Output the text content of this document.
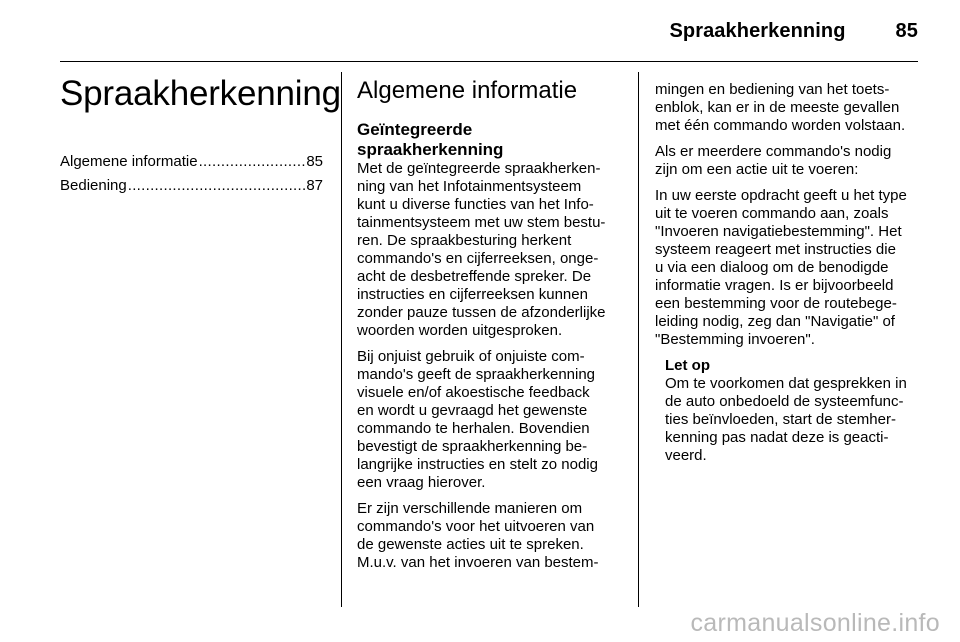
Spraakherkenning	85
Spraakherkenning
Algemene informatie .....	85
Bediening .....	87
Algemene informatie
Geïntegreerde
spraakherkenning

Met de geïntegreerde spraakherken-
ning van het Infotainmentsysteem
kunt u diverse functies van het Info-
tainmentsysteem met uw stem bestu-
ren. De spraakbesturing herkent
commando's en cijferreeksen, onge-
acht de desbetreffende spreker. De
instructies en cijferreeksen kunnen
zonder pauze tussen de afzonderlijke
woorden worden uitgesproken.

Bij onjuist gebruik of onjuiste com-
mando's geeft de spraakherkenning
visuele en/of akoestische feedback
en wordt u gevraagd het gewenste
commando te herhalen. Bovendien
bevestigt de spraakherkenning be-
langrijke instructies en stelt zo nodig
een vraag hierover.

Er zijn verschillende manieren om
commando's voor het uitvoeren van
de gewenste acties uit te spreken.
M.u.v. van het invoeren van bestem-

mingen en bediening van het toets-
enblok, kan er in de meeste gevallen
met één commando worden volstaan.

Als er meerdere commando's nodig
zijn om een actie uit te voeren:

In uw eerste opdracht geeft u het type
uit te voeren commando aan, zoals
"Invoeren navigatiebestemming". Het
systeem reageert met instructies die
u via een dialoog om de benodigde
informatie vragen. Is er bijvoorbeeld
een bestemming voor de routebege-
leiding nodig, zeg dan "Navigatie" of
"Bestemming invoeren".

Let op

Om te voorkomen dat gesprekken in
de auto onbedoeld de systeemfunc-
ties beïnvloeden, start de stemher-
kenning pas nadat deze is geacti-
veerd.

carmanualsonline.info
